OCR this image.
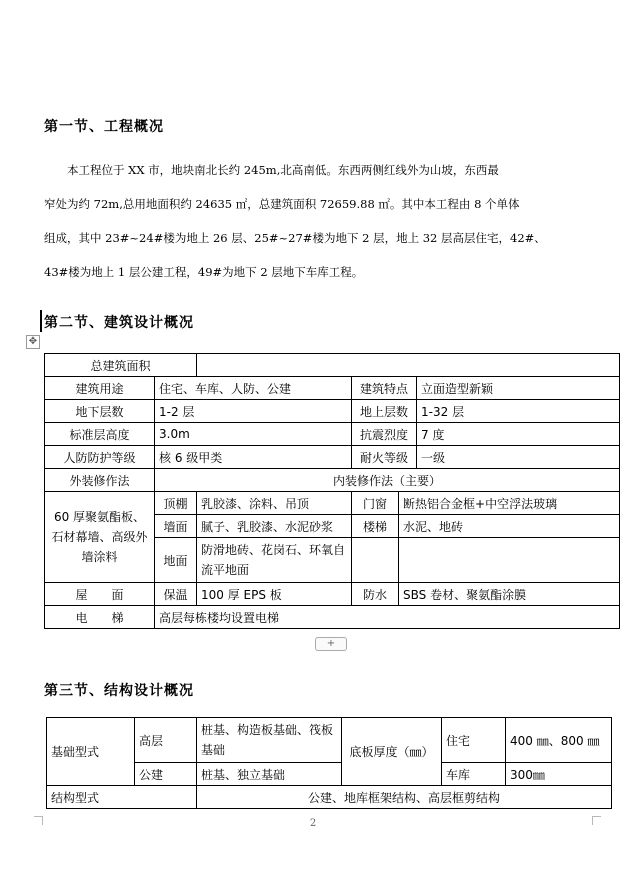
第一节、工程概况
本工程位于 XX 市，地块南北长约 245m,北高南低。东西两侧红线外为山坡，东西最
窄处为约 72m,总用地面积约 24635 ㎡，总建筑面积 72659.88 ㎡。其中本工程由 8 个单体
组成，其中 23#~24#楼为地上 26 层、25#~27#楼为地下 2 层，地上 32 层高层住宅，42#、
43#楼为地上 1 层公建工程，49#为地下 2 层地下车库工程。
第二节、建筑设计概况
✥
总建筑面积					
建筑用途	住宅、车库、人防、公建		建筑特点		立面造型新颖
地下层数	1-2 层		地上层数		1-32 层
标准层高度	3.0m		抗震烈度		7 度
人防防护等级	核 6 级甲类		耐火等级		一级
外装修作法	内装修作法（主要）				
60 厚聚氨酯板、石材幕墙、高级外墙涂料	顶棚	乳胶漆、涂料、吊顶	门窗	断热铝合金框+中空浮法玻璃	
	墙面	腻子、乳胶漆、水泥砂浆	楼梯	水泥、地砖	
	地面	防滑地砖、花岗石、环氧自流平地面			

屋　　面	保温	100 厚 EPS 板	防水	SBS 卷材、聚氨酯涂膜	
电　　梯	高层每栋楼均设置电梯				
+
第三节、结构设计概况
基础型式	高层	桩基、构造板基础、筏板基础	底板厚度（㎜）	住宅	400 ㎜、800 ㎜
	公建	桩基、独立基础		车库	300㎜
结构型式		公建、地库框架结构、高层框剪结构			
2
